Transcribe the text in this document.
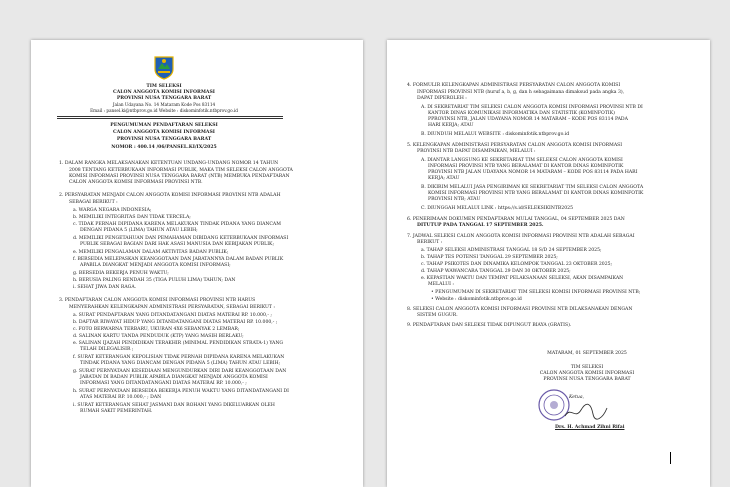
TIM SELEKSI
CALON ANGGOTA KOMISI INFORMASI
PROVINSI NUSA TENGGARA BARAT
Jalan Udayana No. 14 Mataram Kode Pos 83114
Email : pansel.ki@ntbprov.go.id Website : diskominfotik.ntbprov.go.id
PENGUMUMAN PENDAFTARAN SELEKSI
CALON ANGGOTA KOMISI INFORMASI
PROVINSI NUSA TENGGARA BARAT
NOMOR : 400.14 /06/PANSEL.KI/IX/2025
1. DALAM RANGKA MELAKSANAKAN KETENTUAN UNDANG-UNDANG NOMOR 14 TAHUN
2008 TENTANG KETERBUKAAN INFORMASI PUBLIK, MAKA TIM SELEKSI CALON ANGGOTA
KOMISI INFORMASI PROVINSI NUSA TENGGARA BARAT (NTB) MEMBUKA PENDAFTARAN
CALON ANGGOTA KOMISI INFORMASI PROVINSI NTB.
2. PERSYARATAN MENJADI CALON ANGGOTA KOMISI INFORMASI PROVINSI NTB ADALAH
SEBAGAI BERIKUT :
a. WARGA NEGARA INDONESIA;
b. MEMILIKI INTEGRITAS DAN TIDAK TERCELA;
c. TIDAK PERNAH DIPIDANA KARENA MELAKUKAN TINDAK PIDANA YANG DIANCAM
DENGAN PIDANA 5 (LIMA) TAHUN ATAU LEBIH;
d. MEMILIKI PENGETAHUAN DAN PEMAHAMAN DIBIDANG KETERBUKAAN INFORMASI
PUBLIK SEBAGAI BAGIAN DARI HAK ASASI MANUSIA DAN KEBIJAKAN PUBLIK;
e. MEMILIKI PENGALAMAN DALAM AKTIVITAS BADAN PUBLIK;
f. BERSEDIA MELEPASKAN KEANGGOTAAN DAN JABATANNYA DALAM BADAN PUBLIK
APABILA DIANGKAT MENJADI ANGGOTA KOMISI INFORMASI;
g. BERSEDIA BEKERJA PENUH WAKTU;
h. BERUSIA PALING RENDAH 35 (TIGA PULUH LIMA) TAHUN; DAN
i. SEHAT JIWA DAN RAGA.
3. PENDAFTARAN CALON ANGGOTA KOMISI INFORMASI PROVINSI NTB HARUS
MENYERAHKAN KELENGKAPAN ADMINISTRASI PERSYARATAN, SEBAGAI BERIKUT :
a. SURAT PENDAFTARAN YANG DITANDATANGANI DIATAS MATERAI RP. 10.000,- ;
b. DAFTAR RIWAYAT HIDUP YANG DITANDATANGANI DIATAS MATERAI RP. 10.000,- ;
c. FOTO BERWARNA TERBARU, UKURAN 4X6 SEBANYAK 2 LEMBAR;
d. SALINAN KARTU TANDA PENDUDUK (KTP) YANG MASIH BERLAKU;
e. SALINAN IJAZAH PENDIDIKAN TERAKHIR (MINIMAL PENDIDIKAN STRATA-1) YANG
TELAH DILEGALISIR ;
f. SURAT KETERANGAN KEPOLISIAN TIDAK PERNAH DIPIDANA KARENA MELAKUKAN
TINDAK PIDANA YANG DIANCAM DENGAN PIDANA 5 (LIMA) TAHUN ATAU LEBIH;
g. SURAT PERNYATAAN KESEDIAAN MENGUNDURKAN DIRI DARI KEANGGOTAAN DAN
JABATAN DI BADAN PUBLIK APABILA DIANGKAT MENJADI ANGGOTA KOMISI
INFORMASI YANG DITANDATANGANI DIATAS MATERAI RP. 10.000,- ;
h. SURAT PERNYATAAN BERSEDIA BEKERJA PENUH WAKTU YANG DITANDATANGANI DI
ATAS MATERAI RP. 10.000,- ; DAN
i. SURAT KETERANGAN SEHAT JASMANI DAN ROHANI YANG DIKELUARKAN OLEH
RUMAH SAKIT PEMERINTAH.
4. FORMULIR KELENGKAPAN ADMINISTRASI PERSYARATAN CALON ANGGOTA KOMISI
INFORMASI PROVINSI NTB (huruf a, b, g, dan h sebagaimana dimaksud pada angka 3),
DAPAT DIPEROLEH :
A. DI SEKRETARIAT TIM SELEKSI CALON ANGGOTA KOMISI INFORMASI PROVINSI NTB DI
KANTOR DINAS KOMUNIKASI INFORMATIKA DAN STATISTIK (KOMINFOTIK)
PPROVINSI NTB, JALAN UDAYANA NOMOR 14 MATARAM – KODE POS 83114 PADA
HARI KERJA; ATAU
B. DIUNDUH MELALUI WEBSITE : diskominfotik.ntbprov.go.id
5. KELENGKAPAN ADMINISTRASI PERSYARATAN CALON ANGGOTA KOMISI INFORMASI
PROVINSI NTB DAPAT DISAMPAIKAN, MELALUI :
A. DIANTAR LANGSUNG KE SEKRETARIAT TIM SELEKSI CALON ANGGOTA KOMISI
INFORMASI PROVINSI NTB YANG BERALAMAT DI KANTOR DINAS KOMINFOTIK
PROVINSI NTB JALAN UDAYANA NOMOR 14 MATARAM – KODE POS 83114 PADA HARI
KERJA; ATAU
B. DIKIRIM MELALUI JASA PENGIRIMAN KE SEKRETARIAT TIM SELEKSI CALON ANGGOTA
KOMISI INFORMASI PROVINSI NTB YANG BERALAMAT DI KANTOR DINAS KOMINFOTIK
PROVINSI NTB; ATAU
C. DIUNGGAH MELALUI LINK : https://s.id/SELEKSIKINTB2025
6. PENERIMAAN DOKUMEN PENDAFTARAN MULAI TANGGAL, 04 SEPTEMBER 2025 DAN
DITUTUP PADA TANGGAL 17 SEPTEMBER 2025.
7. JADWAL SELEKSI CALON ANGGOTA KOMISI INFORMASI PROVINSI NTB ADALAH SEBAGAI
BERIKUT :
a. TAHAP SELEKSI ADMINISTRASI TANGGAL 18 S/D 24 SEPTEMBER 2025;
b. TAHAP TES POTENSI TANGGAL 29 SEPTEMBER 2025;
c. TAHAP PSIKOTES DAN DINAMIKA KELOMPOK TANGGAL 23 OKTOBER 2025;
d. TAHAP WAWANCARA TANGGAL 29 DAN 30 OKTOBER 2025;
e. KEPASTIAN WAKTU DAN TEMPAT PELAKSANAAN SELEKSI, AKAN DISAMPAIKAN
MELALUI :
• PENGUMUMAN DI SEKRETARIAT TIM SELEKSI KOMISI INFORMASI PROVINSI NTB;
• Website : diskominfotik.ntbprov.go.id
8. SELEKSI CALON ANGGOTA KOMISI INFORMASI PROVINSI NTB DILAKSANAKAN DENGAN
SISTEM GUGUR.
9. PENDAFTARAN DAN SELEKSI TIDAK DIPUNGUT BIAYA (GRATIS).
MATARAM, 01 SEPTEMBER 2025
TIM SELEKSI
CALON ANGGOTA KOMISI INFORMASI
PROVINSI NUSA TENGGARA BARAT
Ketua,
Drs. H. Achmad Zihni Rifai
